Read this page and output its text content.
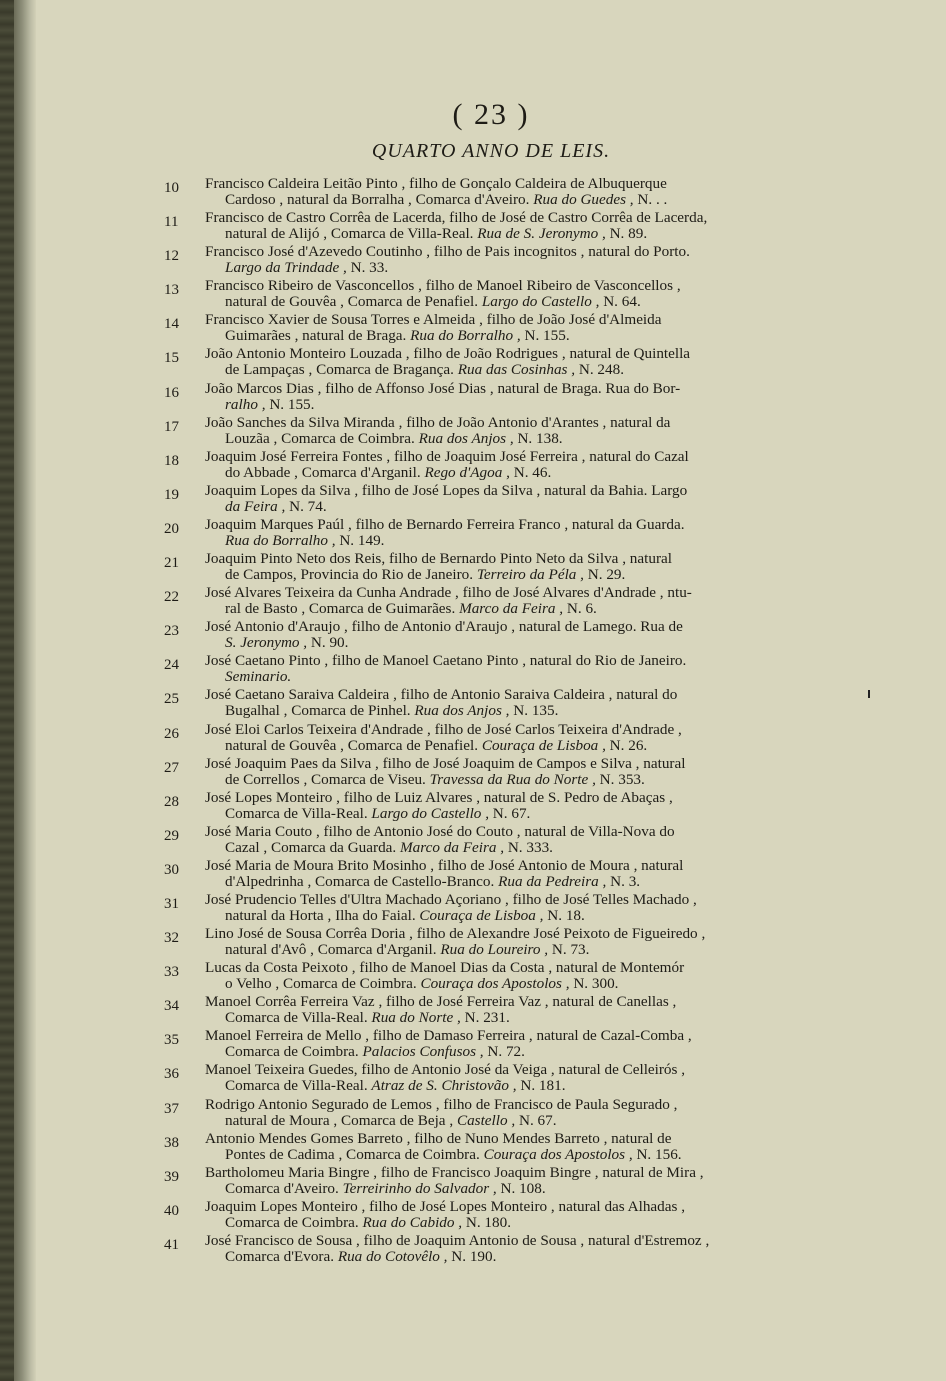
( 23 )
QUARTO ANNO DE LEIS.
10	Francisco Caldeira Leitão Pinto , filho de Gonçalo Caldeira de Albuquerque
Cardoso , natural da Borralha , Comarca d'Aveiro. Rua do Guedes , N. . .
11	Francisco de Castro Corrêa de Lacerda, filho de José de Castro Corrêa de Lacerda,
natural de Alijó , Comarca de Villa-Real. Rua de S. Jeronymo , N. 89.
12	Francisco José d'Azevedo Coutinho , filho de Pais incognitos , natural do Porto.
Largo da Trindade , N. 33.
13	Francisco Ribeiro de Vasconcellos , filho de Manoel Ribeiro de Vasconcellos ,
natural de Gouvêa , Comarca de Penafiel. Largo do Castello , N. 64.
14	Francisco Xavier de Sousa Torres e Almeida , filho de João José d'Almeida
Guimarães , natural de Braga. Rua do Borralho , N. 155.
15	João Antonio Monteiro Louzada , filho de João Rodrigues , natural de Quintella
de Lampaças , Comarca de Bragança. Rua das Cosinhas , N. 248.
16	João Marcos Dias , filho de Affonso José Dias , natural de Braga. Rua do Bor-
ralho , N. 155.
17	João Sanches da Silva Miranda , filho de João Antonio d'Arantes , natural da
Louzãa , Comarca de Coimbra. Rua dos Anjos , N. 138.
18	Joaquim José Ferreira Fontes , filho de Joaquim José Ferreira , natural do Cazal
do Abbade , Comarca d'Arganil. Rego d'Agoa , N. 46.
19	Joaquim Lopes da Silva , filho de José Lopes da Silva , natural da Bahia. Largo
da Feira , N. 74.
20	Joaquim Marques Paúl , filho de Bernardo Ferreira Franco , natural da Guarda.
Rua do Borralho , N. 149.
21	Joaquim Pinto Neto dos Reis, filho de Bernardo Pinto Neto da Silva , natural
de Campos, Provincia do Rio de Janeiro. Terreiro da Péla , N. 29.
22	José Alvares Teixeira da Cunha Andrade , filho de José Alvares d'Andrade , ntu-
ral de Basto , Comarca de Guimarães. Marco da Feira , N. 6.
23	José Antonio d'Araujo , filho de Antonio d'Araujo , natural de Lamego. Rua de
S. Jeronymo , N. 90.
24	José Caetano Pinto , filho de Manoel Caetano Pinto , natural do Rio de Janeiro.
Seminario.
25	José Caetano Saraiva Caldeira , filho de Antonio Saraiva Caldeira , natural do
Bugalhal , Comarca de Pinhel. Rua dos Anjos , N. 135.
26	José Eloi Carlos Teixeira d'Andrade , filho de José Carlos Teixeira d'Andrade ,
natural de Gouvêa , Comarca de Penafiel. Couraça de Lisboa , N. 26.
27	José Joaquim Paes da Silva , filho de José Joaquim de Campos e Silva , natural
de Correllos , Comarca de Viseu. Travessa da Rua do Norte , N. 353.
28	José Lopes Monteiro , filho de Luiz Alvares , natural de S. Pedro de Abaças ,
Comarca de Villa-Real. Largo do Castello , N. 67.
29	José Maria Couto , filho de Antonio José do Couto , natural de Villa-Nova do
Cazal , Comarca da Guarda. Marco da Feira , N. 333.
30	José Maria de Moura Brito Mosinho , filho de José Antonio de Moura , natural
d'Alpedrinha , Comarca de Castello-Branco. Rua da Pedreira , N. 3.
31	José Prudencio Telles d'Ultra Machado Açoriano , filho de José Telles Machado ,
natural da Horta , Ilha do Faial. Couraça de Lisboa , N. 18.
32	Lino José de Sousa Corrêa Doria , filho de Alexandre José Peixoto de Figueiredo ,
natural d'Avô , Comarca d'Arganil. Rua do Loureiro , N. 73.
33	Lucas da Costa Peixoto , filho de Manoel Dias da Costa , natural de Montemór
o Velho , Comarca de Coimbra. Couraça dos Apostolos , N. 300.
34	Manoel Corrêa Ferreira Vaz , filho de José Ferreira Vaz , natural de Canellas ,
Comarca de Villa-Real. Rua do Norte , N. 231.
35	Manoel Ferreira de Mello , filho de Damaso Ferreira , natural de Cazal-Comba ,
Comarca de Coimbra. Palacios Confusos , N. 72.
36	Manoel Teixeira Guedes, filho de Antonio José da Veiga , natural de Celleirós ,
Comarca de Villa-Real. Atraz de S. Christovão , N. 181.
37	Rodrigo Antonio Segurado de Lemos , filho de Francisco de Paula Segurado ,
natural de Moura , Comarca de Beja , Castello , N. 67.
38	Antonio Mendes Gomes Barreto , filho de Nuno Mendes Barreto , natural de
Pontes de Cadima , Comarca de Coimbra. Couraça dos Apostolos , N. 156.
39	Bartholomeu Maria Bingre , filho de Francisco Joaquim Bingre , natural de Mira ,
Comarca d'Aveiro. Terreirinho do Salvador , N. 108.
40	Joaquim Lopes Monteiro , filho de José Lopes Monteiro , natural das Alhadas ,
Comarca de Coimbra. Rua do Cabido , N. 180.
41	José Francisco de Sousa , filho de Joaquim Antonio de Sousa , natural d'Estremoz ,
Comarca d'Evora. Rua do Cotovêlo , N. 190.
